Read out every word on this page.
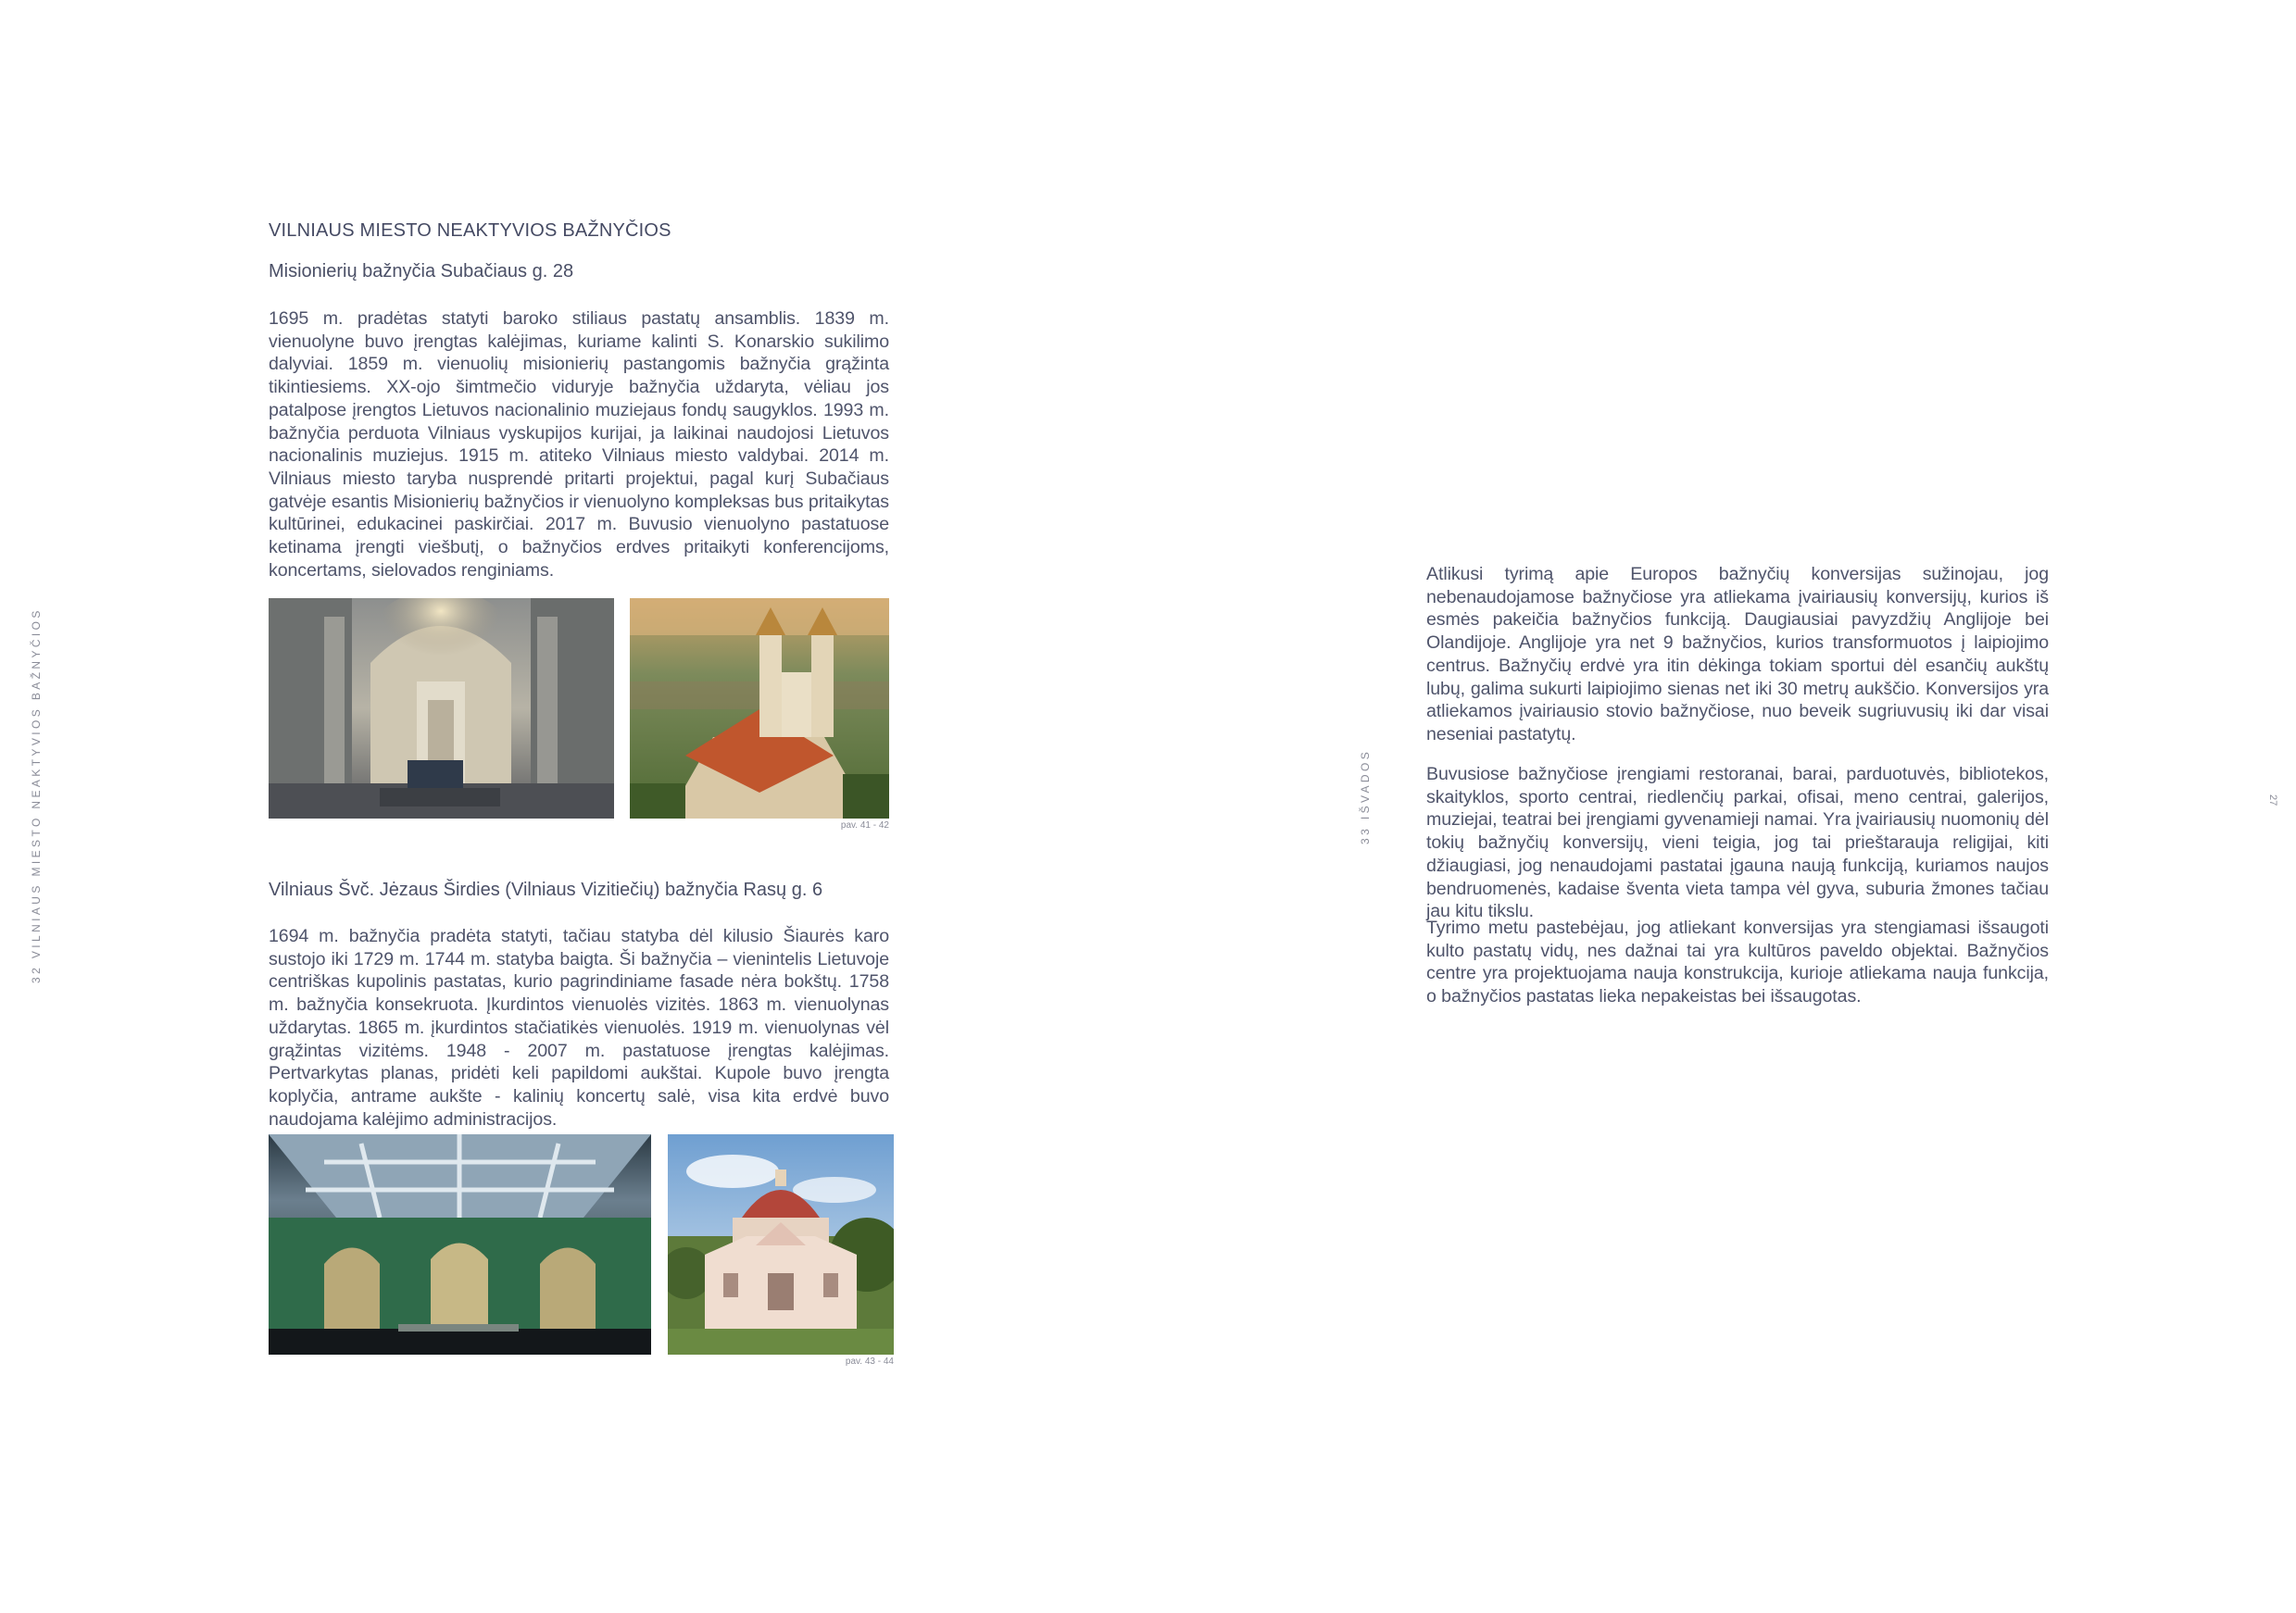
32 VILNIAUS MIESTO NEAKTYVIOS BAŽNYČIOS
VILNIAUS MIESTO NEAKTYVIOS BAŽNYČIOS
Misionierių bažnyčia Subačiaus g. 28
1695 m. pradėtas statyti baroko stiliaus pastatų ansamblis. 1839 m. vienuolyne buvo įrengtas kalėjimas, kuriame kalinti S. Konarskio sukilimo dalyviai. 1859 m. vienuolių misionierių pastangomis bažnyčia grąžinta tikintiesiems. XX-ojo šimtmečio viduryje bažnyčia uždaryta, vėliau jos patalpose įrengtos Lietuvos nacionalinio muziejaus fondų saugyklos. 1993 m. bažnyčia perduota Vilniaus vyskupijos kurijai, ja laikinai naudojosi Lietuvos nacionalinis muziejus. 1915 m. atiteko Vilniaus miesto valdybai. 2014 m. Vilniaus miesto taryba nusprendė pritarti projektui, pagal kurį Subačiaus gatvėje esantis Misionierių bažnyčios ir vienuolyno kompleksas bus pritaikytas kultūrinei, edukacinei paskirčiai. 2017 m. Buvusio vienuolyno pastatuose ketinama įrengti viešbutį, o bažnyčios erdves pritaikyti konferencijoms, koncertams, sielovados renginiams.
pav. 41 - 42
Vilniaus Švč. Jėzaus Širdies (Vilniaus Vizitiečių) bažnyčia Rasų g. 6
1694 m. bažnyčia pradėta statyti, tačiau statyba dėl kilusio Šiaurės karo sustojo iki 1729 m. 1744 m. statyba baigta. Ši bažnyčia – vienintelis Lietuvoje centriškas kupolinis pastatas, kurio pagrindiniame fasade nėra bokštų. 1758 m. bažnyčia konsekruota. Įkurdintos vienuolės vizitės. 1863 m. vienuolynas uždarytas. 1865 m. įkurdintos stačiatikės vienuolės. 1919 m. vienuolynas vėl grąžintas vizitėms. 1948 - 2007 m. pastatuose įrengtas kalėjimas. Pertvarkytas planas, pridėti keli papildomi aukštai. Kupole buvo įrengta koplyčia, antrame aukšte - kalinių koncertų salė, visa kita erdvė buvo naudojama kalėjimo administracijos.
pav. 43 - 44
33 IŠVADOS	27
Atlikusi tyrimą apie Europos bažnyčių konversijas sužinojau, jog nebenaudojamose bažnyčiose yra atliekama įvairiausių konversijų, kurios iš esmės pakeičia bažnyčios funkciją. Daugiausiai pavyzdžių Anglijoje bei Olandijoje. Anglijoje yra net 9 bažnyčios, kurios transformuotos į laipiojimo centrus. Bažnyčių erdvė yra itin dėkinga tokiam sportui dėl esančių aukštų lubų, galima sukurti laipiojimo sienas net iki 30 metrų aukščio. Konversijos yra atliekamos įvairiausio stovio bažnyčiose, nuo beveik sugriuvusių iki dar visai neseniai pastatytų.
Buvusiose bažnyčiose įrengiami restoranai, barai, parduotuvės, bibliotekos, skaityklos, sporto centrai, riedlenčių parkai, ofisai, meno centrai, galerijos, muziejai, teatrai bei įrengiami gyvenamieji namai. Yra įvairiausių nuomonių dėl tokių bažnyčių konversijų, vieni teigia, jog tai prieštarauja religijai, kiti džiaugiasi, jog nenaudojami pastatai įgauna naują funkciją, kuriamos naujos bendruomenės, kadaise šventa vieta tampa vėl gyva, suburia žmones tačiau jau kitu tikslu.
Tyrimo metu pastebėjau, jog atliekant konversijas yra stengiamasi išsaugoti kulto pastatų vidų, nes dažnai tai yra kultūros paveldo objektai. Bažnyčios centre yra projektuojama nauja konstrukcija, kurioje atliekama nauja funkcija, o bažnyčios pastatas lieka nepakeistas bei išsaugotas.
